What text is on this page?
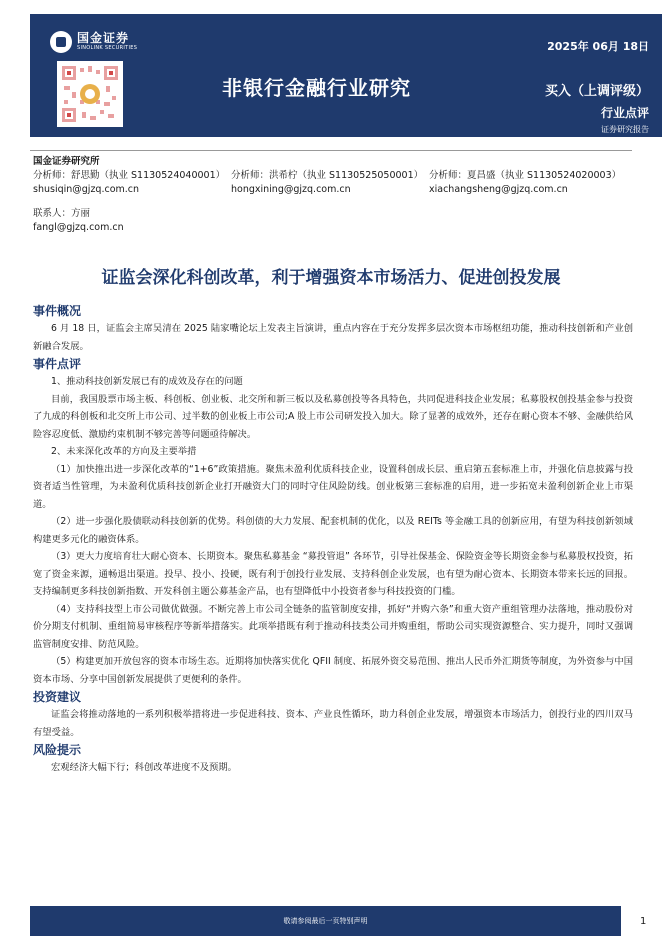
国金证券
SINOLINK SECURITIES	2025年 06月 18日
非银行金融行业研究	买入（上调评级）
行业点评
证券研究报告
国金证券研究所
分析师：舒思勤（执业 S1130524040001） 分析师：洪希柠（执业 S1130525050001） 分析师：夏昌盛（执业 S1130524020003）
shusiqin@gjzq.com.cn	hongxining@gjzq.com.cn	xiachangsheng@gjzq.com.cn
联系人：方丽
fangl@gjzq.com.cn
证监会深化科创改革，利于增强资本市场活力、促进创投发展
事件概况
6 月 18 日，证监会主席吴清在 2025 陆家嘴论坛上发表主旨演讲，重点内容在于充分发挥多层次资本市场枢纽功能，推动科技创新和产业创新融合发展。
事件点评
1、推动科技创新发展已有的成效及存在的问题
目前，我国股票市场主板、科创板、创业板、北交所和新三板以及私募创投等各具特色，共同促进科技企业发展；私募股权创投基金参与投资了九成的科创板和北交所上市公司、过半数的创业板上市公司;A 股上市公司研发投入加大。除了显著的成效外，还存在耐心资本不够、金融供给风险容忍度低、激励约束机制不够完善等问题亟待解决。
2、未来深化改革的方向及主要举措
（1）加快推出进一步深化改革的“1+6”政策措施。聚焦未盈利优质科技企业，设置科创成长层、重启第五套标准上市，并强化信息披露与投资者适当性管理，为未盈利优质科技创新企业打开融资大门的同时守住风险防线。创业板第三套标准的启用，进一步拓宽未盈利创新企业上市渠道。
（2）进一步强化股债联动科技创新的优势。科创债的大力发展、配套机制的优化，以及 REITs 等金融工具的创新应用，有望为科技创新领域构建更多元化的融资体系。
（3）更大力度培育壮大耐心资本、长期资本。聚焦私募基金 “募投管退” 各环节，引导社保基金、保险资金等长期资金参与私募股权投资，拓宽了资金来源，通畅退出渠道。投早、投小、投硬，既有利于创投行业发展、支持科创企业发展，也有望为耐心资本、长期资本带来长远的回报。支持编制更多科技创新指数、开发科创主题公募基金产品，也有望降低中小投资者参与科技投资的门槛。
（4）支持科技型上市公司做优做强。不断完善上市公司全链条的监管制度安排，抓好“并购六条”和重大资产重组管理办法落地，推动股份对价分期支付机制、重组简易审核程序等新举措落实。此项举措既有利于推动科技类公司并购重组，帮助公司实现资源整合、实力提升，同时又强调监管制度安排、防范风险。
（5）构建更加开放包容的资本市场生态。近期将加快落实优化 QFII 制度、拓展外资交易范围、推出人民币外汇期货等制度，为外资参与中国资本市场、分享中国创新发展提供了更便利的条件。
投资建议
证监会将推动落地的一系列积极举措将进一步促进科技、资本、产业良性循环，助力科创企业发展，增强资本市场活力，创投行业的四川双马有望受益。
风险提示
宏观经济大幅下行；科创改革进度不及预期。
敬请参阅最后一页特别声明	1
